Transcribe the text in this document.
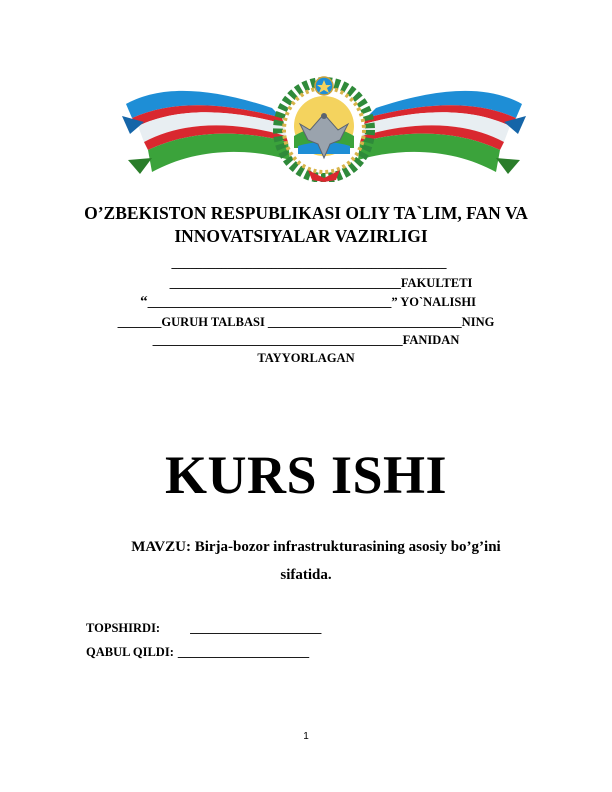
O’ZBEKISTON RESPUBLIKASI OLIY TA`LIM, FAN VA
INNOVATSIYALAR VAZIRLIGI
____________________________________________
_____________________________________FAKULTETI
“_______________________________________” YO`NALISHI
_______GURUH TALBASI _______________________________NING
________________________________________FANIDAN
TAYYORLAGAN
KURS ISHI
MAVZU: Birja-bozor infrastrukturasining asosiy bo’g’ini
sifatida.
TOPSHIRDI: _____________________
QABUL QILDI: _____________________
1
